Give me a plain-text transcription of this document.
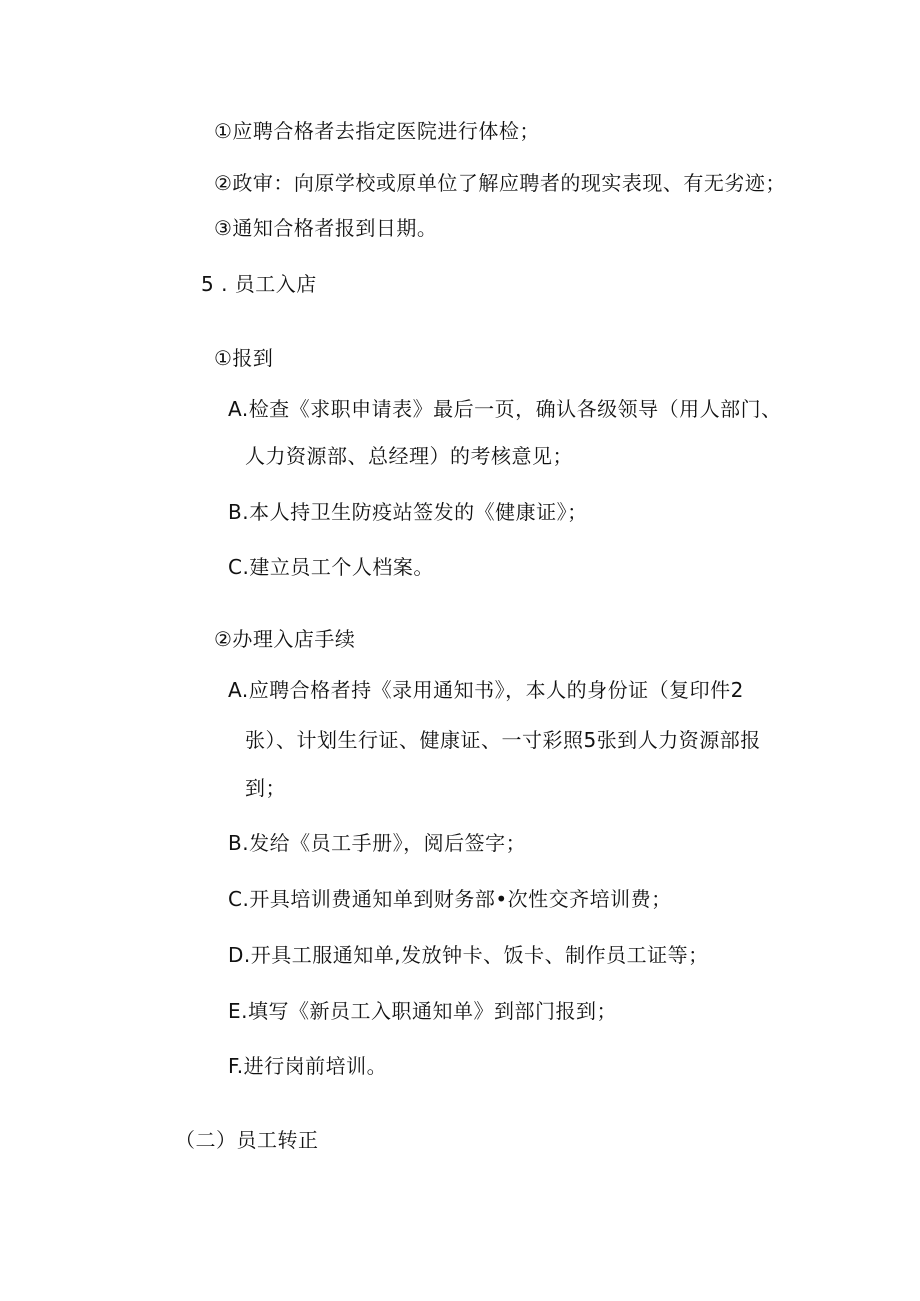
①应聘合格者去指定医院进行体检；
②政审：向原学校或原单位了解应聘者的现实表现、有无劣迹；
③通知合格者报到日期。
5 . 员工入店
①报到
A.检查《求职申请表》最后一页，确认各级领导（用人部门、
人力资源部、总经理）的考核意见；
B.本人持卫生防疫站签发的《健康证》；
C.建立员工个人档案。
②办理入店手续
A.应聘合格者持《录用通知书》，本人的身份证（复印件2
张）、计划生行证、健康证、一寸彩照5张到人力资源部报
到；
B.发给《员工手册》，阅后签字；
C.开具培训费通知单到财务部•次性交齐培训费；
D.开具工服通知单,发放钟卡、饭卡、制作员工证等；
E.填写《新员工入职通知单》到部门报到；
F.进行岗前培训。
（二）员工转正
